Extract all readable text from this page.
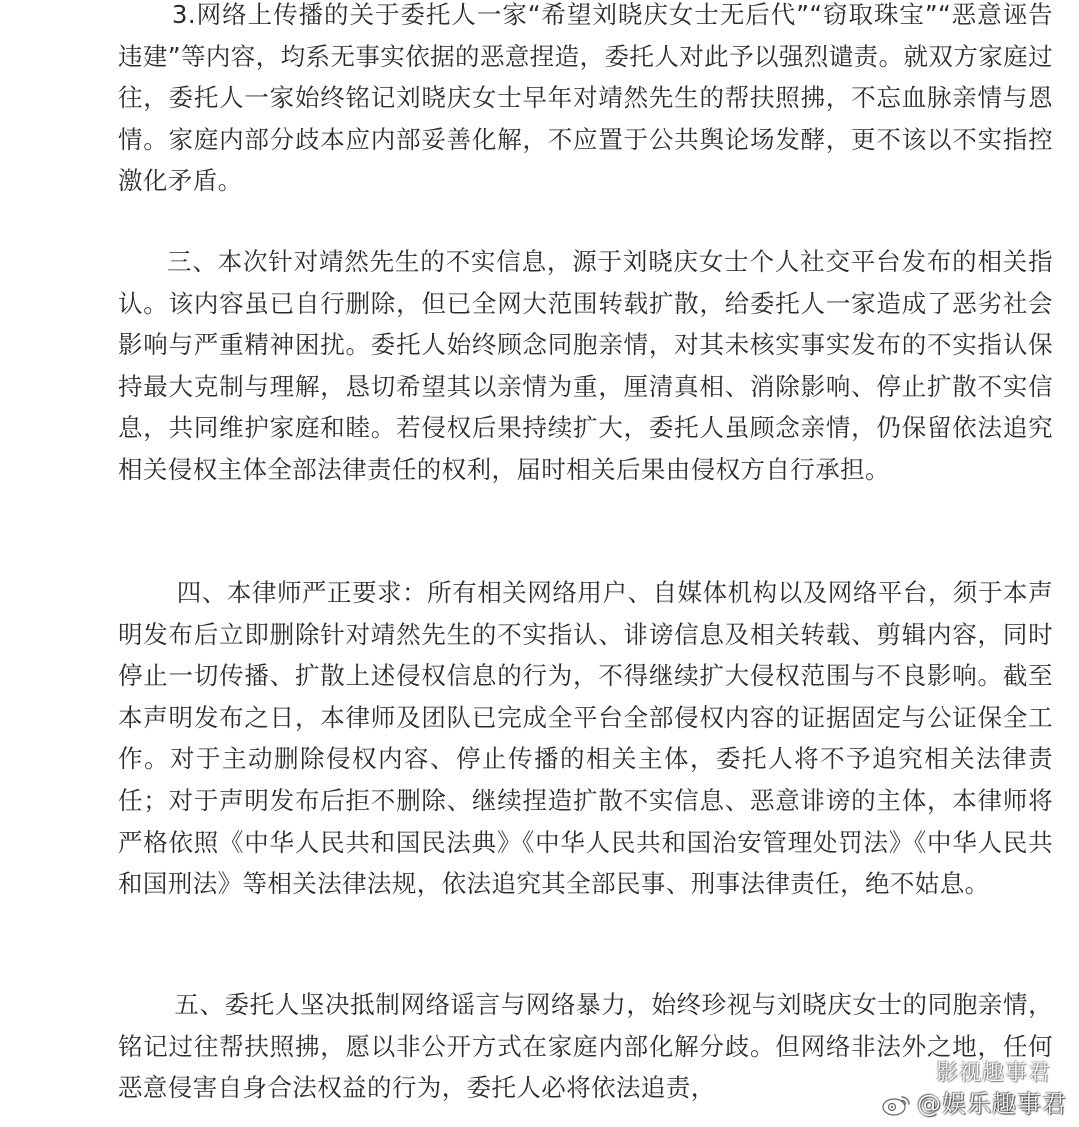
3.网络上传播的关于委托人一家“希望刘晓庆女士无后代”“窃取珠宝”“恶意诬告违建”等内容，均系无事实依据的恶意捏造，委托人对此予以强烈谴责。就双方家庭过往，委托人一家始终铭记刘晓庆女士早年对靖然先生的帮扶照拂，不忘血脉亲情与恩情。家庭内部分歧本应内部妥善化解，不应置于公共舆论场发酵，更不该以不实指控激化矛盾。

三、本次针对靖然先生的不实信息，源于刘晓庆女士个人社交平台发布的相关指认。该内容虽已自行删除，但已全网大范围转载扩散，给委托人一家造成了恶劣社会影响与严重精神困扰。委托人始终顾念同胞亲情，对其未核实事实发布的不实指认保持最大克制与理解，恳切希望其以亲情为重，厘清真相、消除影响、停止扩散不实信息，共同维护家庭和睦。若侵权后果持续扩大，委托人虽顾念亲情，仍保留依法追究相关侵权主体全部法律责任的权利，届时相关后果由侵权方自行承担。

四、本律师严正要求：所有相关网络用户、自媒体机构以及网络平台，须于本声明发布后立即删除针对靖然先生的不实指认、诽谤信息及相关转载、剪辑内容，同时停止一切传播、扩散上述侵权信息的行为，不得继续扩大侵权范围与不良影响。截至本声明发布之日，本律师及团队已完成全平台全部侵权内容的证据固定与公证保全工作。对于主动删除侵权内容、停止传播的相关主体，委托人将不予追究相关法律责任；对于声明发布后拒不删除、继续捏造扩散不实信息、恶意诽谤的主体，本律师将严格依照《中华人民共和国民法典》《中华人民共和国治安管理处罚法》《中华人民共和国刑法》等相关法律法规，依法追究其全部民事、刑事法律责任，绝不姑息。

五、委托人坚决抵制网络谣言与网络暴力，始终珍视与刘晓庆女士的同胞亲情，铭记过往帮扶照拂，愿以非公开方式在家庭内部化解分歧。但网络非法外之地，任何恶意侵害自身合法权益的行为，委托人必将依法追责，	影视趣事君
@娱乐趣事君
